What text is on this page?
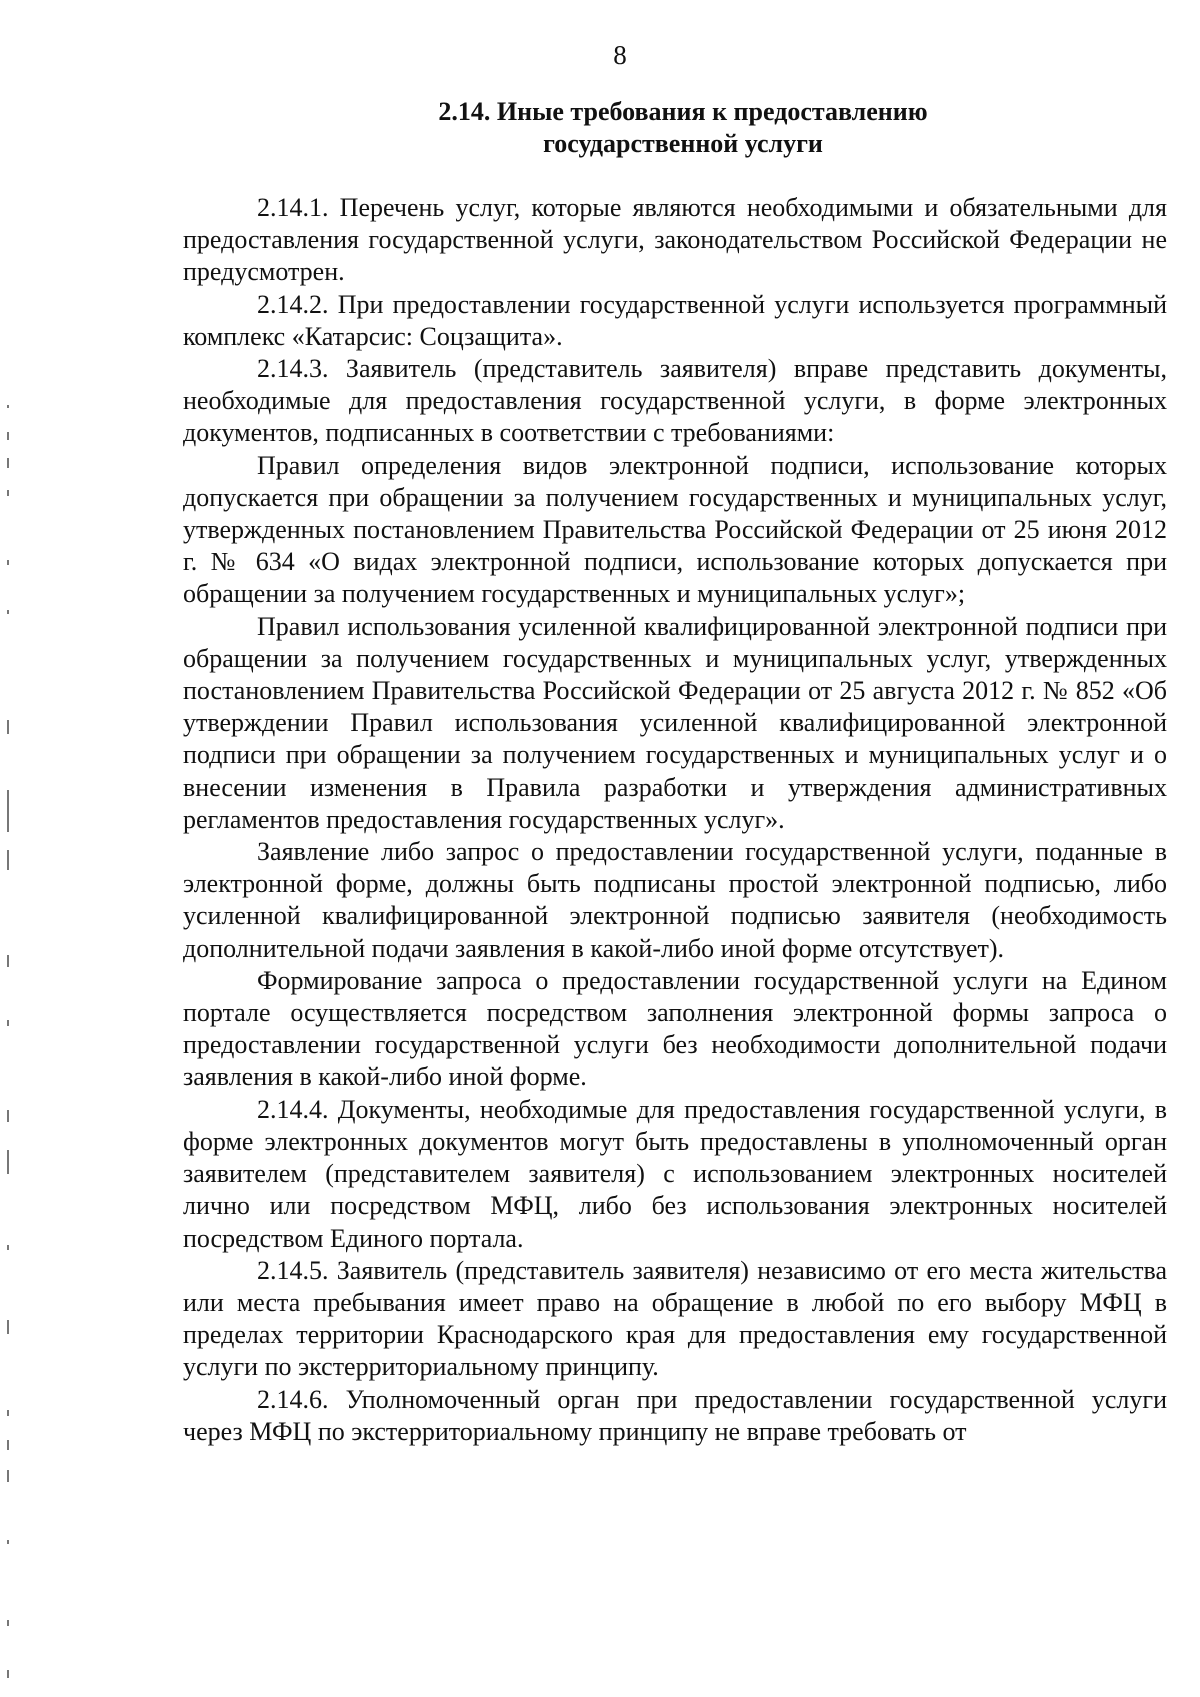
8
2.14. Иные требования к предоставлению
государственной услуги

2.14.1. Перечень услуг, которые являются необходимыми и обязательными для предоставления государственной услуги, законодательством Российской Федерации не предусмотрен.

2.14.2. При предоставлении государственной услуги используется программный комплекс «Катарсис: Соцзащита».

2.14.3. Заявитель (представитель заявителя) вправе представить документы, необходимые для предоставления государственной услуги, в форме электронных документов, подписанных в соответствии с требованиями:

Правил определения видов электронной подписи, использование которых допускается при обращении за получением государственных и муниципальных услуг, утвержденных постановлением Правительства Российской Федерации от 25 июня 2012 г. № 634 «О видах электронной подписи, использование которых допускается при обращении за получением государственных и муниципальных услуг»;

Правил использования усиленной квалифицированной электронной подписи при обращении за получением государственных и муниципальных услуг, утвержденных постановлением Правительства Российской Федерации от 25 августа 2012 г. № 852 «Об утверждении Правил использования усиленной квалифицированной электронной подписи при обращении за получением государственных и муниципальных услуг и о внесении изменения в Правила разработки и утверждения административных регламентов предоставления государственных услуг».

Заявление либо запрос о предоставлении государственной услуги, поданные в электронной форме, должны быть подписаны простой электронной подписью, либо усиленной квалифицированной электронной подписью заявителя (необходимость дополнительной подачи заявления в какой-либо иной форме отсутствует).

Формирование запроса о предоставлении государственной услуги на Едином портале осуществляется посредством заполнения электронной формы запроса о предоставлении государственной услуги без необходимости дополнительной подачи заявления в какой-либо иной форме.

2.14.4. Документы, необходимые для предоставления государственной услуги, в форме электронных документов могут быть предоставлены в уполномоченный орган заявителем (представителем заявителя) с использованием электронных носителей лично или посредством МФЦ, либо без использования электронных носителей посредством Единого портала.

2.14.5. Заявитель (представитель заявителя) независимо от его места жительства или места пребывания имеет право на обращение в любой по его выбору МФЦ в пределах территории Краснодарского края для предоставления ему государственной услуги по экстерриториальному принципу.

2.14.6. Уполномоченный орган при предоставлении государственной услуги через МФЦ по экстерриториальному принципу не вправе требовать от
